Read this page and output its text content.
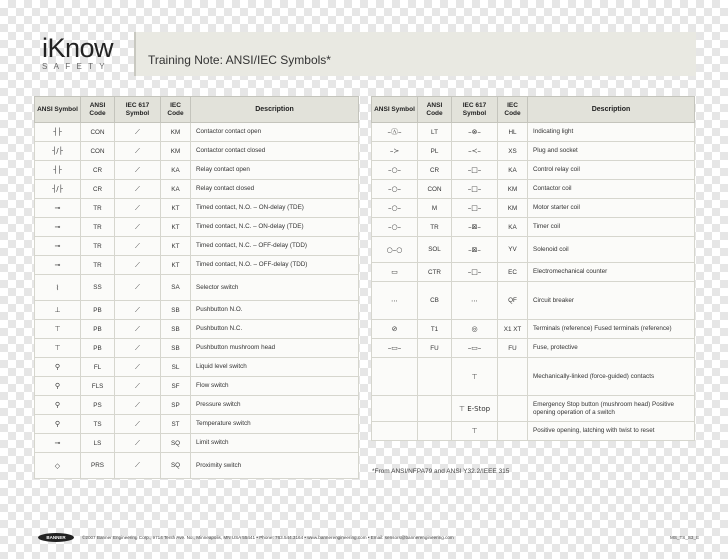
iKnow
SAFETY	Training Note: ANSI/IEC Symbols*
ANSI Symbol	ANSI Code	IEC 617 Symbol	IEC Code	Description
┤├	CON	⟋	KM	Contactor contact open
┤/├	CON	⟋	KM	Contactor contact closed
┤├	CR	⟋	KA	Relay contact open
┤/├	CR	⟋	KA	Relay contact closed
⊸	TR	⟋	KT	Timed contact, N.O. – ON-delay (TDE)
⊸	TR	⟋	KT	Timed contact, N.C. – ON-delay (TDE)
⊸	TR	⟋	KT	Timed contact, N.C. – OFF-delay (TDD)
⊸	TR	⟋	KT	Timed contact, N.O. – OFF-delay (TDD)
⌇	SS	⟋	SA	Selector switch
⊥	PB	⟋	SB	Pushbutton N.O.
⊤	PB	⟋	SB	Pushbutton N.C.
⊤	PB	⟋	SB	Pushbutton mushroom head
⚲	FL	⟋	SL	Liquid level switch
⚲	FLS	⟋	SF	Flow switch
⚲	PS	⟋	SP	Pressure switch
⚲	TS	⟋	ST	Temperature switch
⊸	LS	⟋	SQ	Limit switch
◇	PRS	⟋	SQ	Proximity switch
ANSI Symbol	ANSI Code	IEC 617 Symbol	IEC Code	Description
–Ⓐ–	LT	–⊗–	HL	Indicating light
–≻	PL	–≺–	XS	Plug and socket
–○–	CR	–□–	KA	Control relay coil
–○–	CON	–□–	KM	Contactor coil
–○–	M	–□–	KM	Motor starter coil
–○–	TR	–⊠–	KA	Timer coil
○–○	SOL	–⊠–	YV	Solenoid coil
▭	CTR	–□–	EC	Electromechanical counter
⋯	CB	⋯	QF	Circuit breaker
⊘	T1	◎	X1 XT	Terminals (reference) Fused terminals (reference)
–▭–	FU	–▭–	FU	Fuse, protective
		⊤		Mechanically-linked (force-guided) contacts
		⊤ E-Stop		Emergency Stop button (mushroom head) Positive opening operation of a switch
		⊤		Positive opening, latching with twist to reset
*From ANSI/NFPA79 and ANSI Y32.2/IEEE 315
BANNER	©2007 Banner Engineering Corp., 9714 Tenth Ave. No., Minneapolis, MN USA 55441 • Phone: 763.544.3164 • www.bannerengineering.com • Email: sensors@bannerengineering.com	MS_TS_S3_E
